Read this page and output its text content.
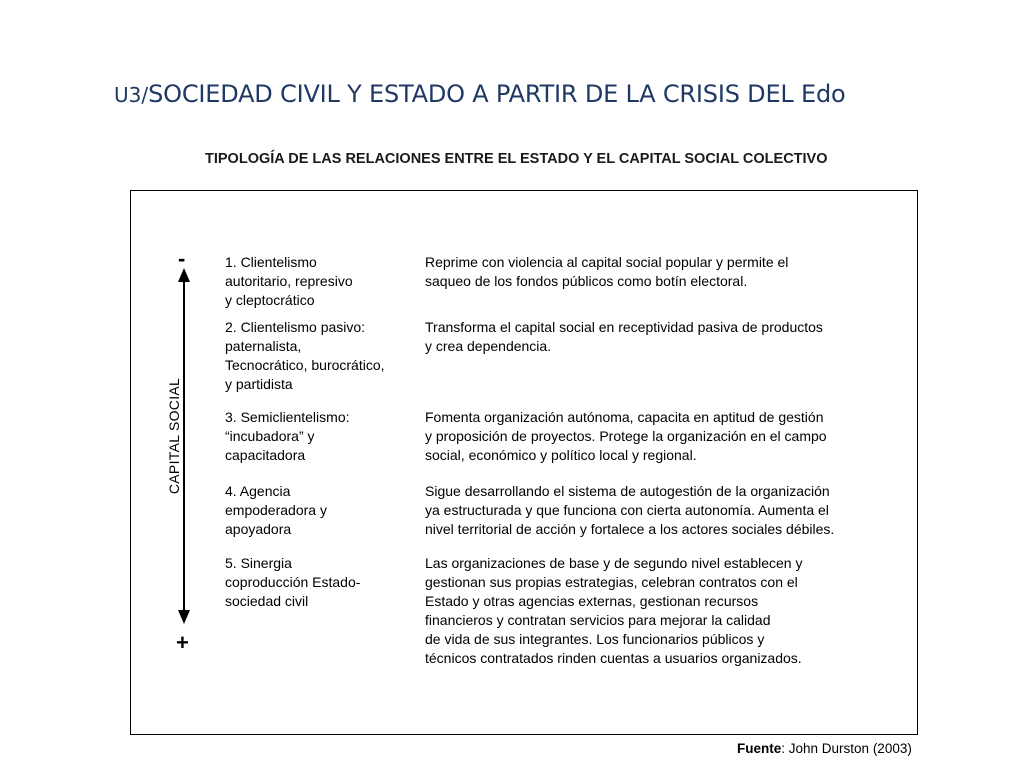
U3/SOCIEDAD CIVIL Y ESTADO A PARTIR DE LA CRISIS DEL Edo
TIPOLOGÍA DE LAS RELACIONES ENTRE EL ESTADO Y EL CAPITAL SOCIAL COLECTIVO
-
+
CAPITAL SOCIAL
1. Clientelismo
autoritario, represivo
y cleptocrático
Reprime con violencia al capital social popular y permite el
saqueo de los fondos públicos como botín electoral.
2. Clientelismo pasivo:
paternalista,
Tecnocrático, burocrático,
y partidista
Transforma el capital social en receptividad pasiva de productos
y crea dependencia.
3. Semiclientelismo:
“incubadora” y
capacitadora
Fomenta organización autónoma, capacita en aptitud de gestión
y proposición de proyectos. Protege la organización en el campo
social, económico y político local y regional.
4. Agencia
empoderadora y
apoyadora
Sigue desarrollando el sistema de autogestión de la organización
ya estructurada y que funciona con cierta autonomía. Aumenta el
nivel territorial de acción y fortalece a los actores sociales débiles.
5. Sinergia
coproducción Estado-
sociedad civil
Las organizaciones de base y de segundo nivel establecen y
gestionan sus propias estrategias, celebran contratos con el
Estado y otras agencias externas, gestionan recursos
financieros y contratan servicios para mejorar la calidad
de vida de sus integrantes. Los funcionarios públicos y
técnicos contratados rinden cuentas a usuarios organizados.
Fuente: John Durston (2003)
